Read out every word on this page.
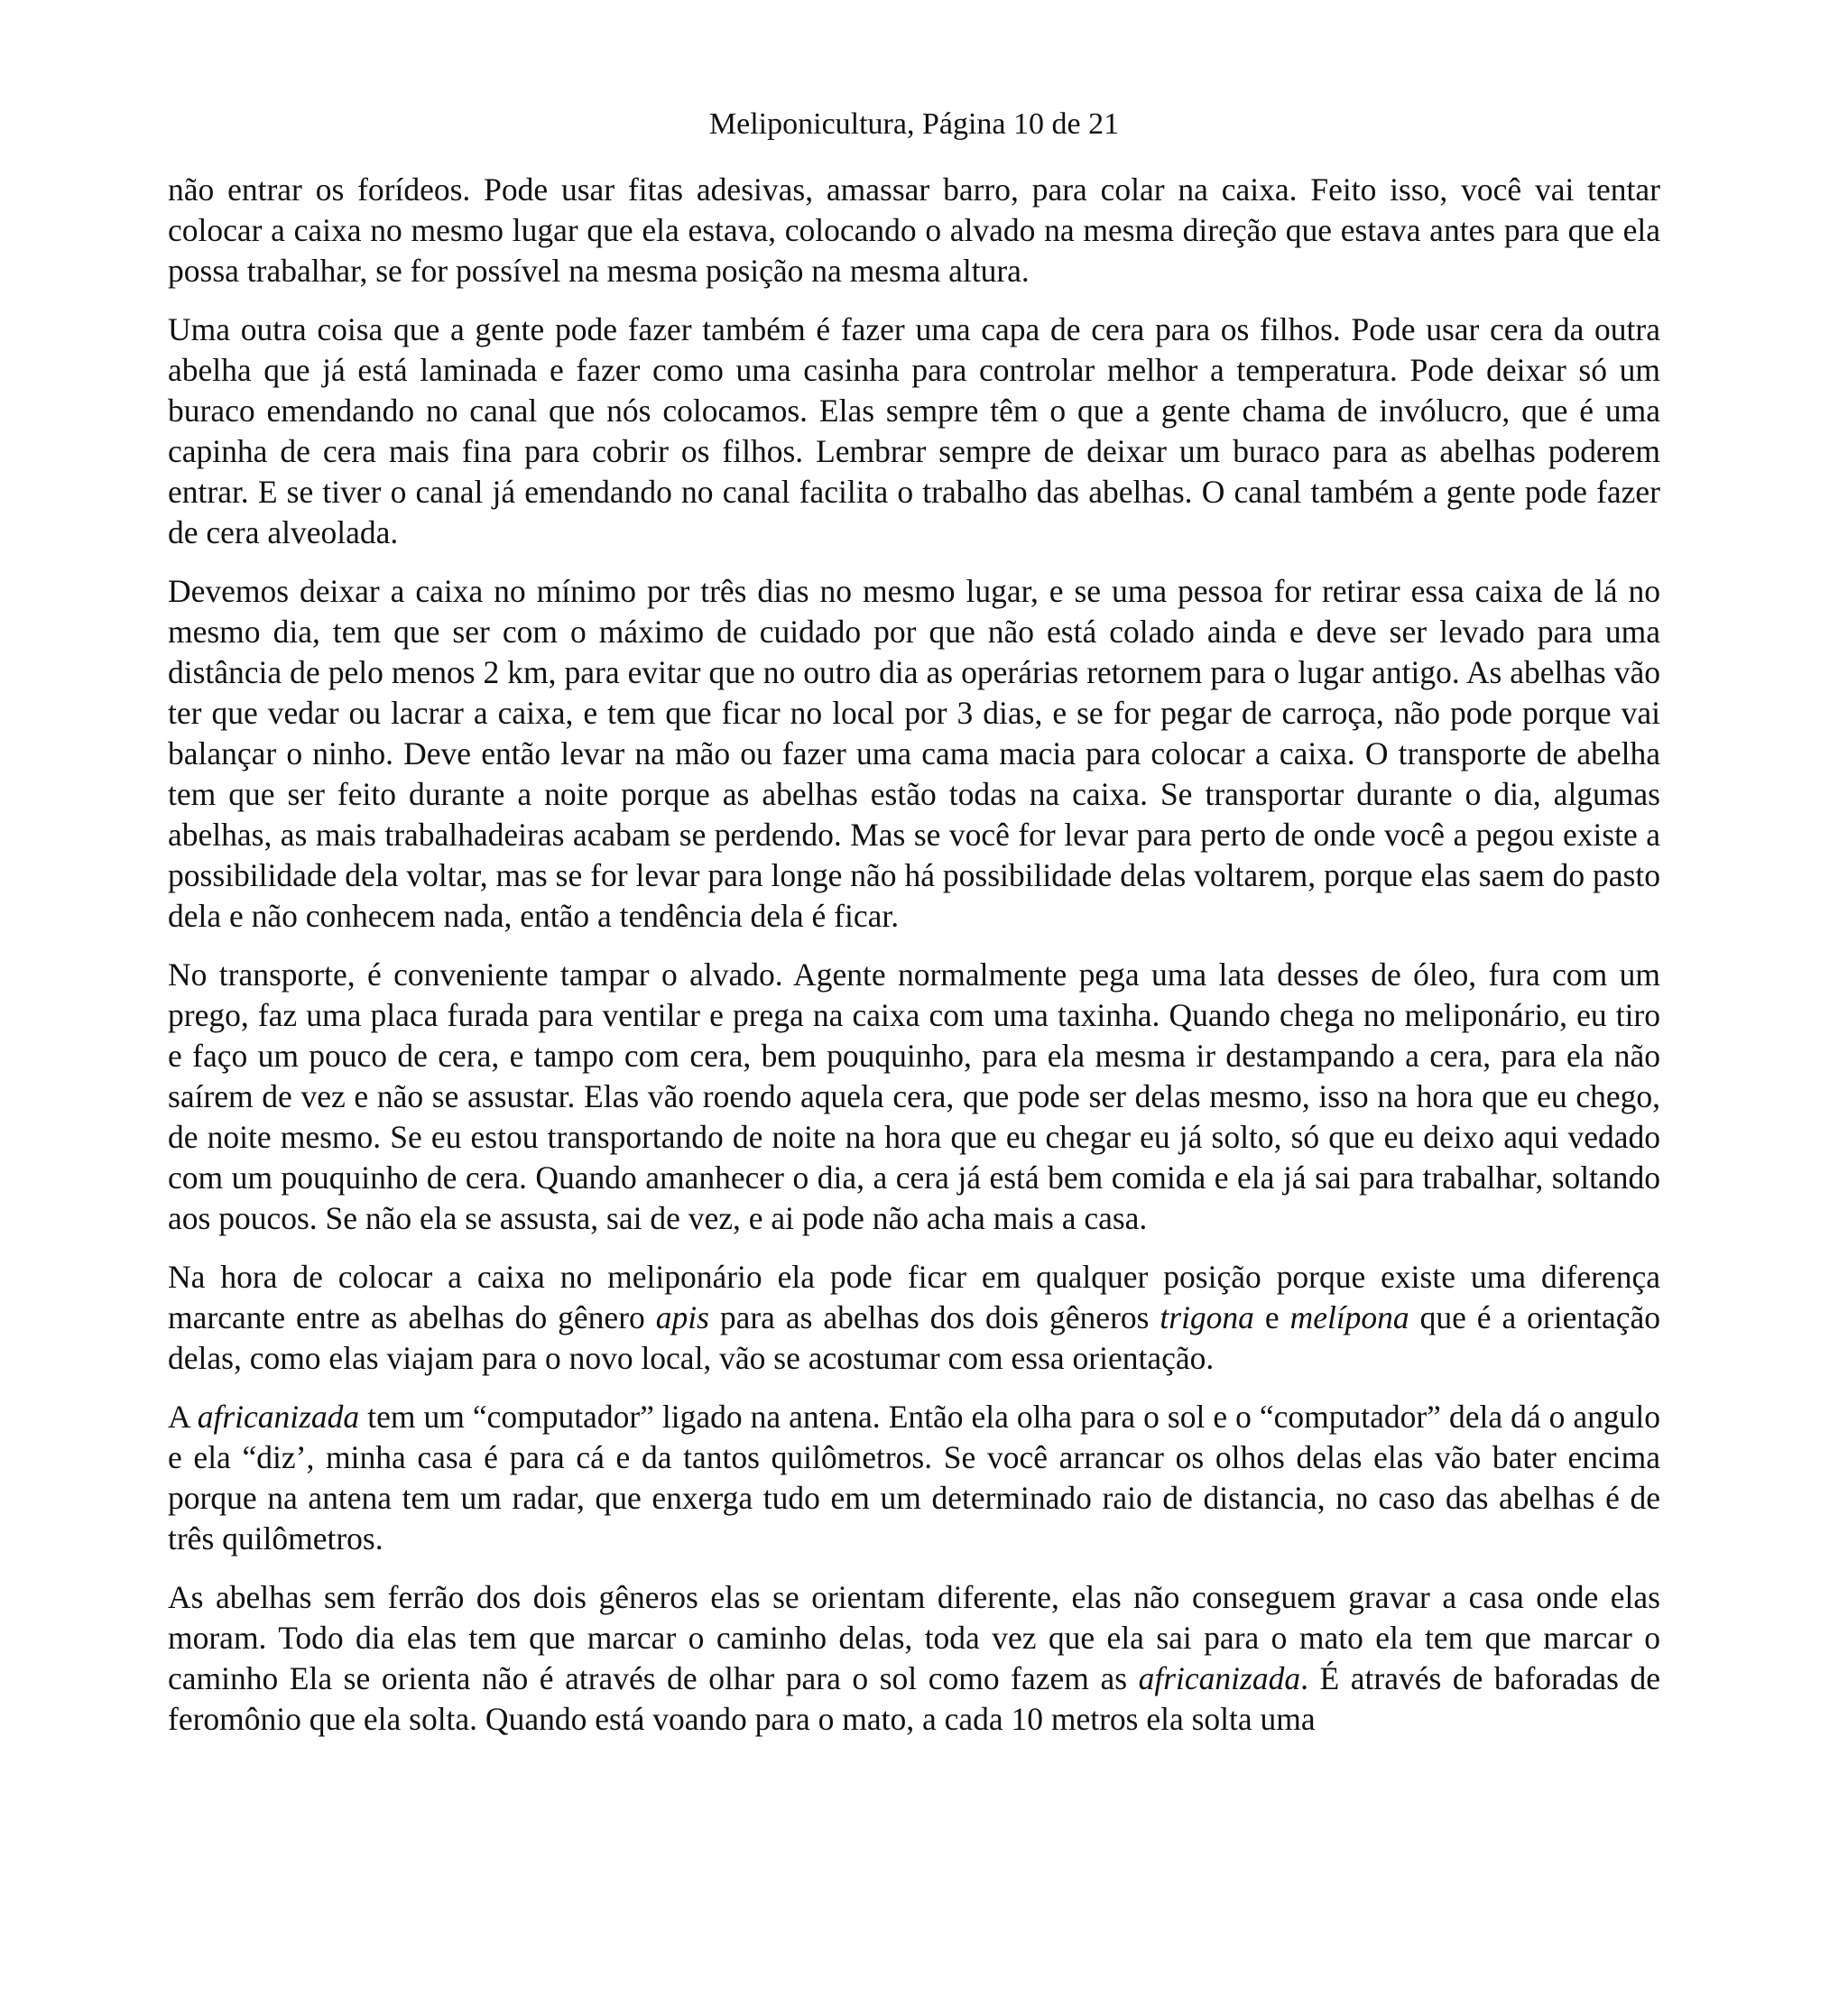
Meliponicultura, Página 10 de 21

não entrar os forídeos. Pode usar fitas adesivas, amassar barro, para colar na caixa. Feito isso, você vai tentar colocar a caixa no mesmo lugar que ela estava, colocando o alvado na mesma direção que estava antes para que ela possa trabalhar, se for possível na mesma posição na mesma altura.

Uma outra coisa que a gente pode fazer também é fazer uma capa de cera para os filhos. Pode usar cera da outra abelha que já está laminada e fazer como uma casinha para controlar melhor a temperatura. Pode deixar só um buraco emendando no canal que nós colocamos. Elas sempre têm o que a gente chama de invólucro, que é uma capinha de cera mais fina para cobrir os filhos. Lembrar sempre de deixar um buraco para as abelhas poderem entrar. E se tiver o canal já emendando no canal facilita o trabalho das abelhas. O canal também a gente pode fazer de cera alveolada.

Devemos deixar a caixa no mínimo por três dias no mesmo lugar, e se uma pessoa for retirar essa caixa de lá no mesmo dia, tem que ser com o máximo de cuidado por que não está colado ainda e deve ser levado para uma distância de pelo menos 2 km, para evitar que no outro dia as operárias retornem para o lugar antigo. As abelhas vão ter que vedar ou lacrar a caixa, e tem que ficar no local por 3 dias, e se for pegar de carroça, não pode porque vai balançar o ninho. Deve então levar na mão ou fazer uma cama macia para colocar a caixa. O transporte de abelha tem que ser feito durante a noite porque as abelhas estão todas na caixa. Se transportar durante o dia, algumas abelhas, as mais trabalhadeiras acabam se perdendo. Mas se você for levar para perto de onde você a pegou existe a possibilidade dela voltar, mas se for levar para longe não há possibilidade delas voltarem, porque elas saem do pasto dela e não conhecem nada, então a tendência dela é ficar.

No transporte, é conveniente tampar o alvado. Agente normalmente pega uma lata desses de óleo, fura com um prego, faz uma placa furada para ventilar e prega na caixa com uma taxinha. Quando chega no meliponário, eu tiro e faço um pouco de cera, e tampo com cera, bem pouquinho, para ela mesma ir destampando a cera, para ela não saírem de vez e não se assustar. Elas vão roendo aquela cera, que pode ser delas mesmo, isso na hora que eu chego, de noite mesmo. Se eu estou transportando de noite na hora que eu chegar eu já solto, só que eu deixo aqui vedado com um pouquinho de cera. Quando amanhecer o dia, a cera já está bem comida e ela já sai para trabalhar, soltando aos poucos. Se não ela se assusta, sai de vez, e ai pode não acha mais a casa.

Na hora de colocar a caixa no meliponário ela pode ficar em qualquer posição porque existe uma diferença marcante entre as abelhas do gênero apis para as abelhas dos dois gêneros trigona e melípona que é a orientação delas, como elas viajam para o novo local, vão se acostumar com essa orientação.

A africanizada tem um “computador” ligado na antena. Então ela olha para o sol e o “computador” dela dá o angulo e ela “diz’, minha casa é para cá e da tantos quilômetros. Se você arrancar os olhos delas elas vão bater encima porque na antena tem um radar, que enxerga tudo em um determinado raio de distancia, no caso das abelhas é de três quilômetros.

As abelhas sem ferrão dos dois gêneros elas se orientam diferente, elas não conseguem gravar a casa onde elas moram. Todo dia elas tem que marcar o caminho delas, toda vez que ela sai para o mato ela tem que marcar o caminho Ela se orienta não é através de olhar para o sol como fazem as africanizada. É através de baforadas de feromônio que ela solta. Quando está voando para o mato, a cada 10 metros ela solta uma
